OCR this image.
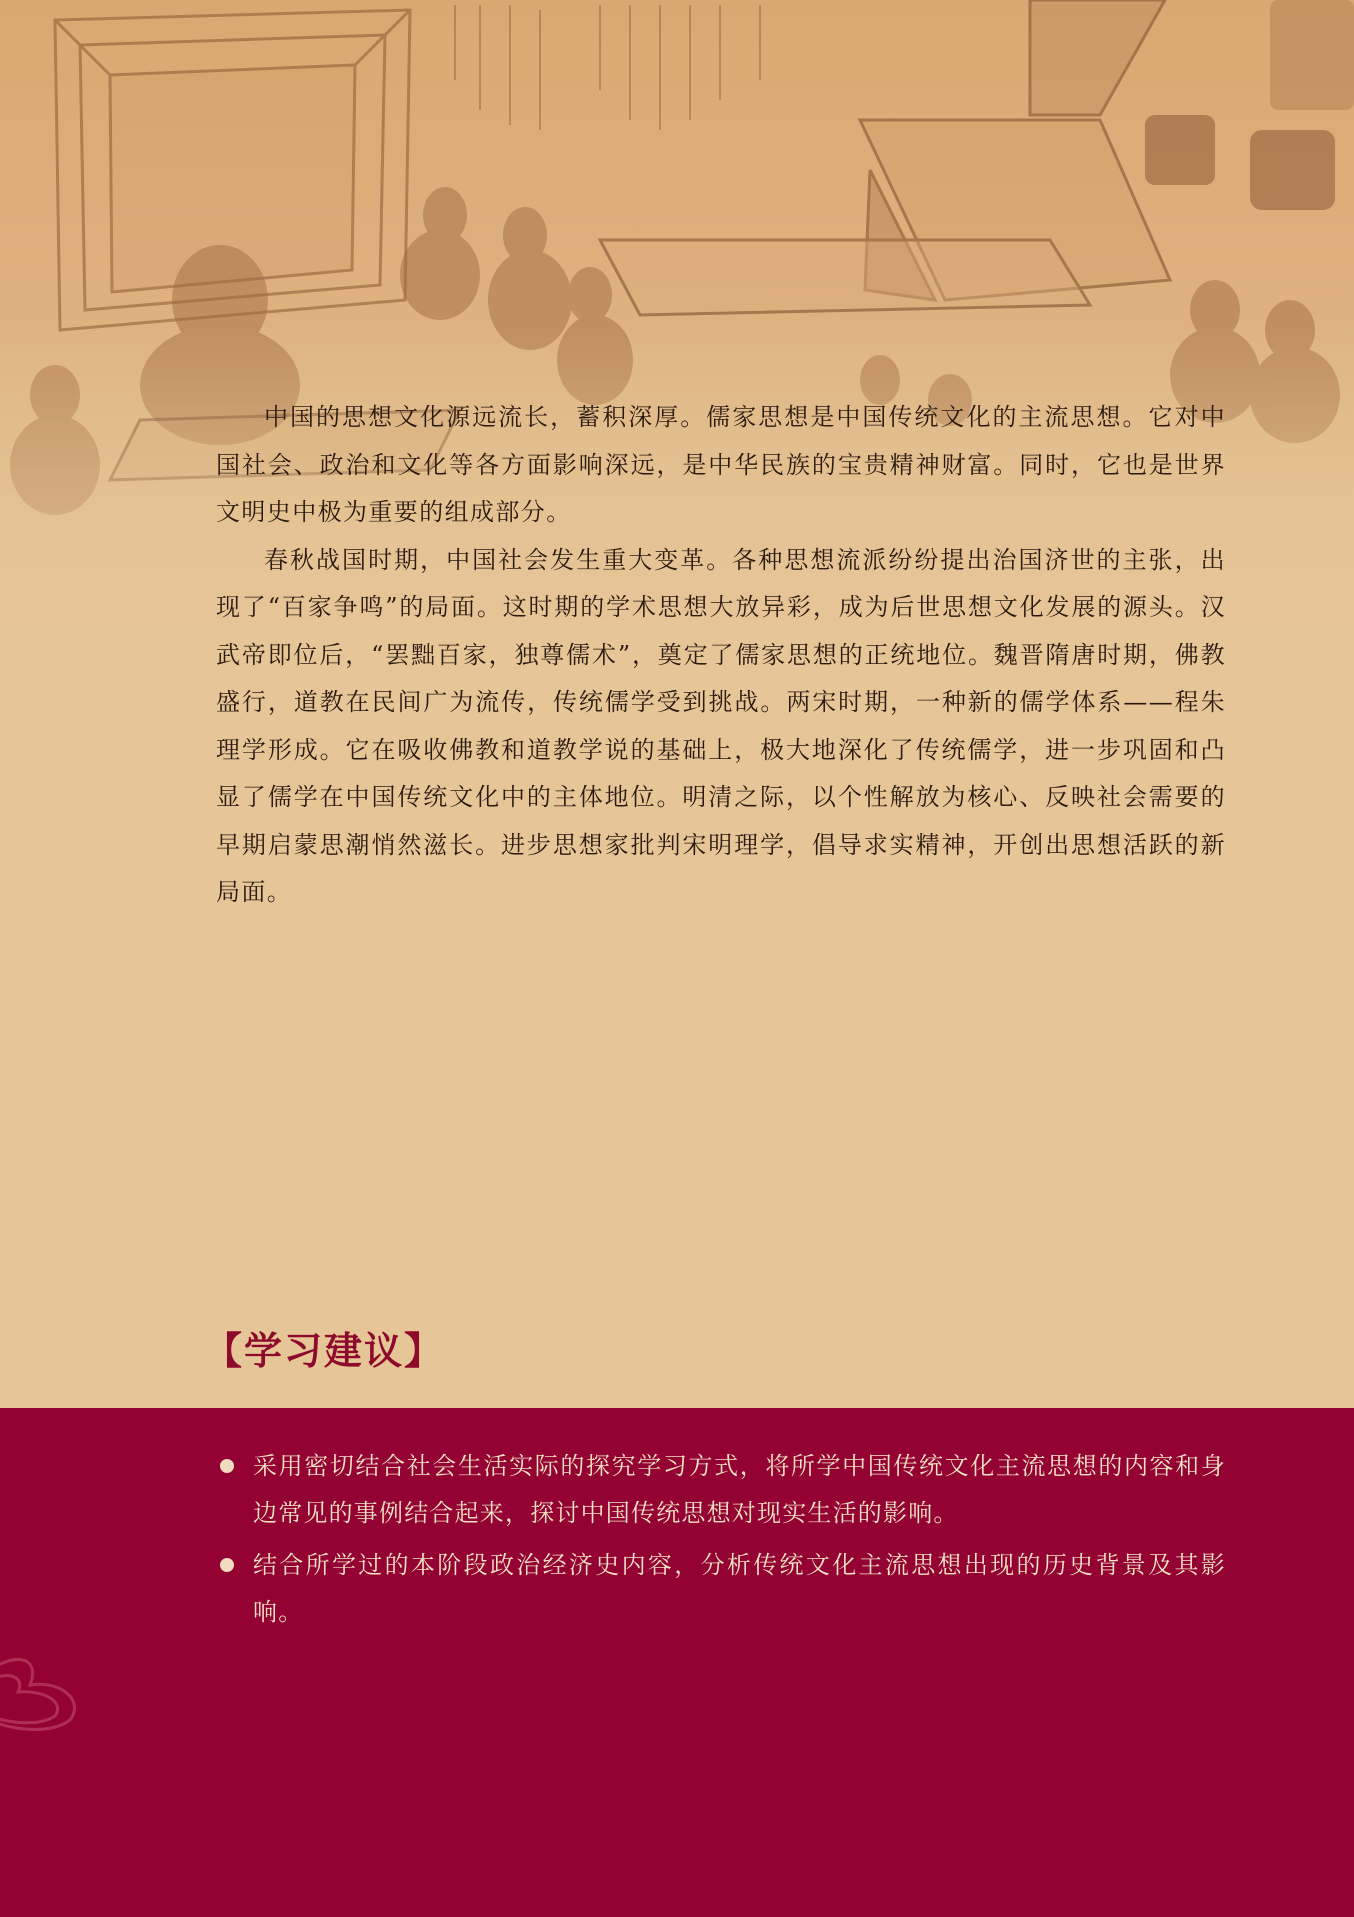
中国的思想文化源远流长，蓄积深厚。儒家思想是中国传统文化的主流思想。它对中国社会、政治和文化等各方面影响深远，是中华民族的宝贵精神财富。同时，它也是世界文明史中极为重要的组成部分。

春秋战国时期，中国社会发生重大变革。各种思想流派纷纷提出治国济世的主张，出现了“百家争鸣”的局面。这时期的学术思想大放异彩，成为后世思想文化发展的源头。汉武帝即位后，“罢黜百家，独尊儒术”，奠定了儒家思想的正统地位。魏晋隋唐时期，佛教盛行，道教在民间广为流传，传统儒学受到挑战。两宋时期，一种新的儒学体系——程朱理学形成。它在吸收佛教和道教学说的基础上，极大地深化了传统儒学，进一步巩固和凸显了儒学在中国传统文化中的主体地位。明清之际，以个性解放为核心、反映社会需要的早期启蒙思潮悄然滋长。进步思想家批判宋明理学，倡导求实精神，开创出思想活跃的新局面。

【学习建议】
采用密切结合社会生活实际的探究学习方式，将所学中国传统文化主流思想的内容和身边常见的事例结合起来，探讨中国传统思想对现实生活的影响。
结合所学过的本阶段政治经济史内容，分析传统文化主流思想出现的历史背景及其影响。
